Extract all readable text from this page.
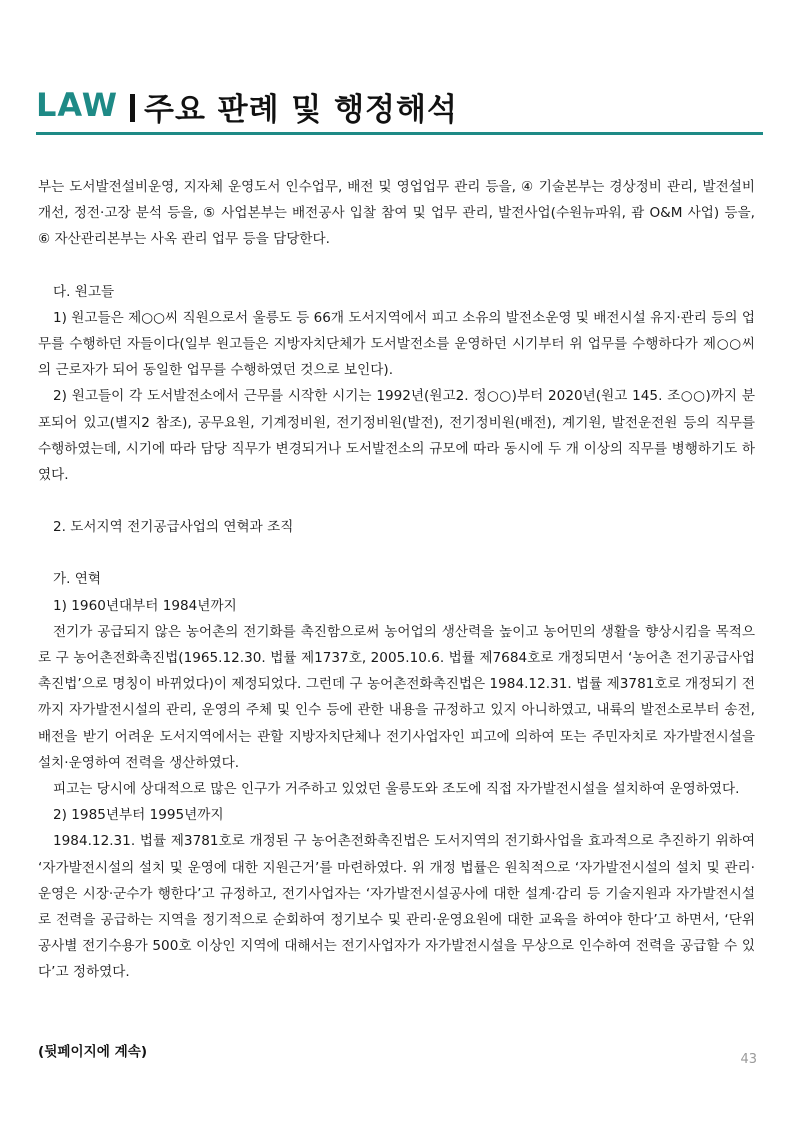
LAW 주요 판례 및 행정해석

부는 도서발전설비운영, 지자체 운영도서 인수업무, 배전 및 영업업무 관리 등을, ④ 기술본부는 경상정비 관리, 발전설비개선, 정전·고장 분석 등을, ⑤ 사업본부는 배전공사 입찰 참여 및 업무 관리, 발전사업(수원뉴파워, 괌 O&M 사업) 등을, ⑥ 자산관리본부는 사옥 관리 업무 등을 담당한다.

다. 원고들

1) 원고들은 제○○씨 직원으로서 울릉도 등 66개 도서지역에서 피고 소유의 발전소운영 및 배전시설 유지·관리 등의 업무를 수행하던 자들이다(일부 원고들은 지방자치단체가 도서발전소를 운영하던 시기부터 위 업무를 수행하다가 제○○씨의 근로자가 되어 동일한 업무를 수행하였던 것으로 보인다).

2) 원고들이 각 도서발전소에서 근무를 시작한 시기는 1992년(원고2. 정○○)부터 2020년(원고 145. 조○○)까지 분포되어 있고(별지2 참조), 공무요원, 기계정비원, 전기정비원(발전), 전기정비원(배전), 계기원, 발전운전원 등의 직무를 수행하였는데, 시기에 따라 담당 직무가 변경되거나 도서발전소의 규모에 따라 동시에 두 개 이상의 직무를 병행하기도 하였다.

2. 도서지역 전기공급사업의 연혁과 조직

가. 연혁

1) 1960년대부터 1984년까지

전기가 공급되지 않은 농어촌의 전기화를 촉진함으로써 농어업의 생산력을 높이고 농어민의 생활을 향상시킴을 목적으로 구 농어촌전화촉진법(1965.12.30. 법률 제1737호, 2005.10.6. 법률 제7684호로 개정되면서 ‘농어촌 전기공급사업 촉진법’으로 명칭이 바뀌었다)이 제정되었다. 그런데 구 농어촌전화촉진법은 1984.12.31. 법률 제3781호로 개정되기 전까지 자가발전시설의 관리, 운영의 주체 및 인수 등에 관한 내용을 규정하고 있지 아니하였고, 내륙의 발전소로부터 송전, 배전을 받기 어려운 도서지역에서는 관할 지방자치단체나 전기사업자인 피고에 의하여 또는 주민자치로 자가발전시설을 설치·운영하여 전력을 생산하였다.

피고는 당시에 상대적으로 많은 인구가 거주하고 있었던 울릉도와 조도에 직접 자가발전시설을 설치하여 운영하였다.

2) 1985년부터 1995년까지

1984.12.31. 법률 제3781호로 개정된 구 농어촌전화촉진법은 도서지역의 전기화사업을 효과적으로 추진하기 위하여 ‘자가발전시설의 설치 및 운영에 대한 지원근거’를 마련하였다. 위 개정 법률은 원칙적으로 ‘자가발전시설의 설치 및 관리·운영은 시장·군수가 행한다’고 규정하고, 전기사업자는 ‘자가발전시설공사에 대한 설계·감리 등 기술지원과 자가발전시설로 전력을 공급하는 지역을 정기적으로 순회하여 정기보수 및 관리·운영요원에 대한 교육을 하여야 한다’고 하면서, ‘단위공사별 전기수용가 500호 이상인 지역에 대해서는 전기사업자가 자가발전시설을 무상으로 인수하여 전력을 공급할 수 있다’고 정하였다.

(뒷페이지에 계속)	43
